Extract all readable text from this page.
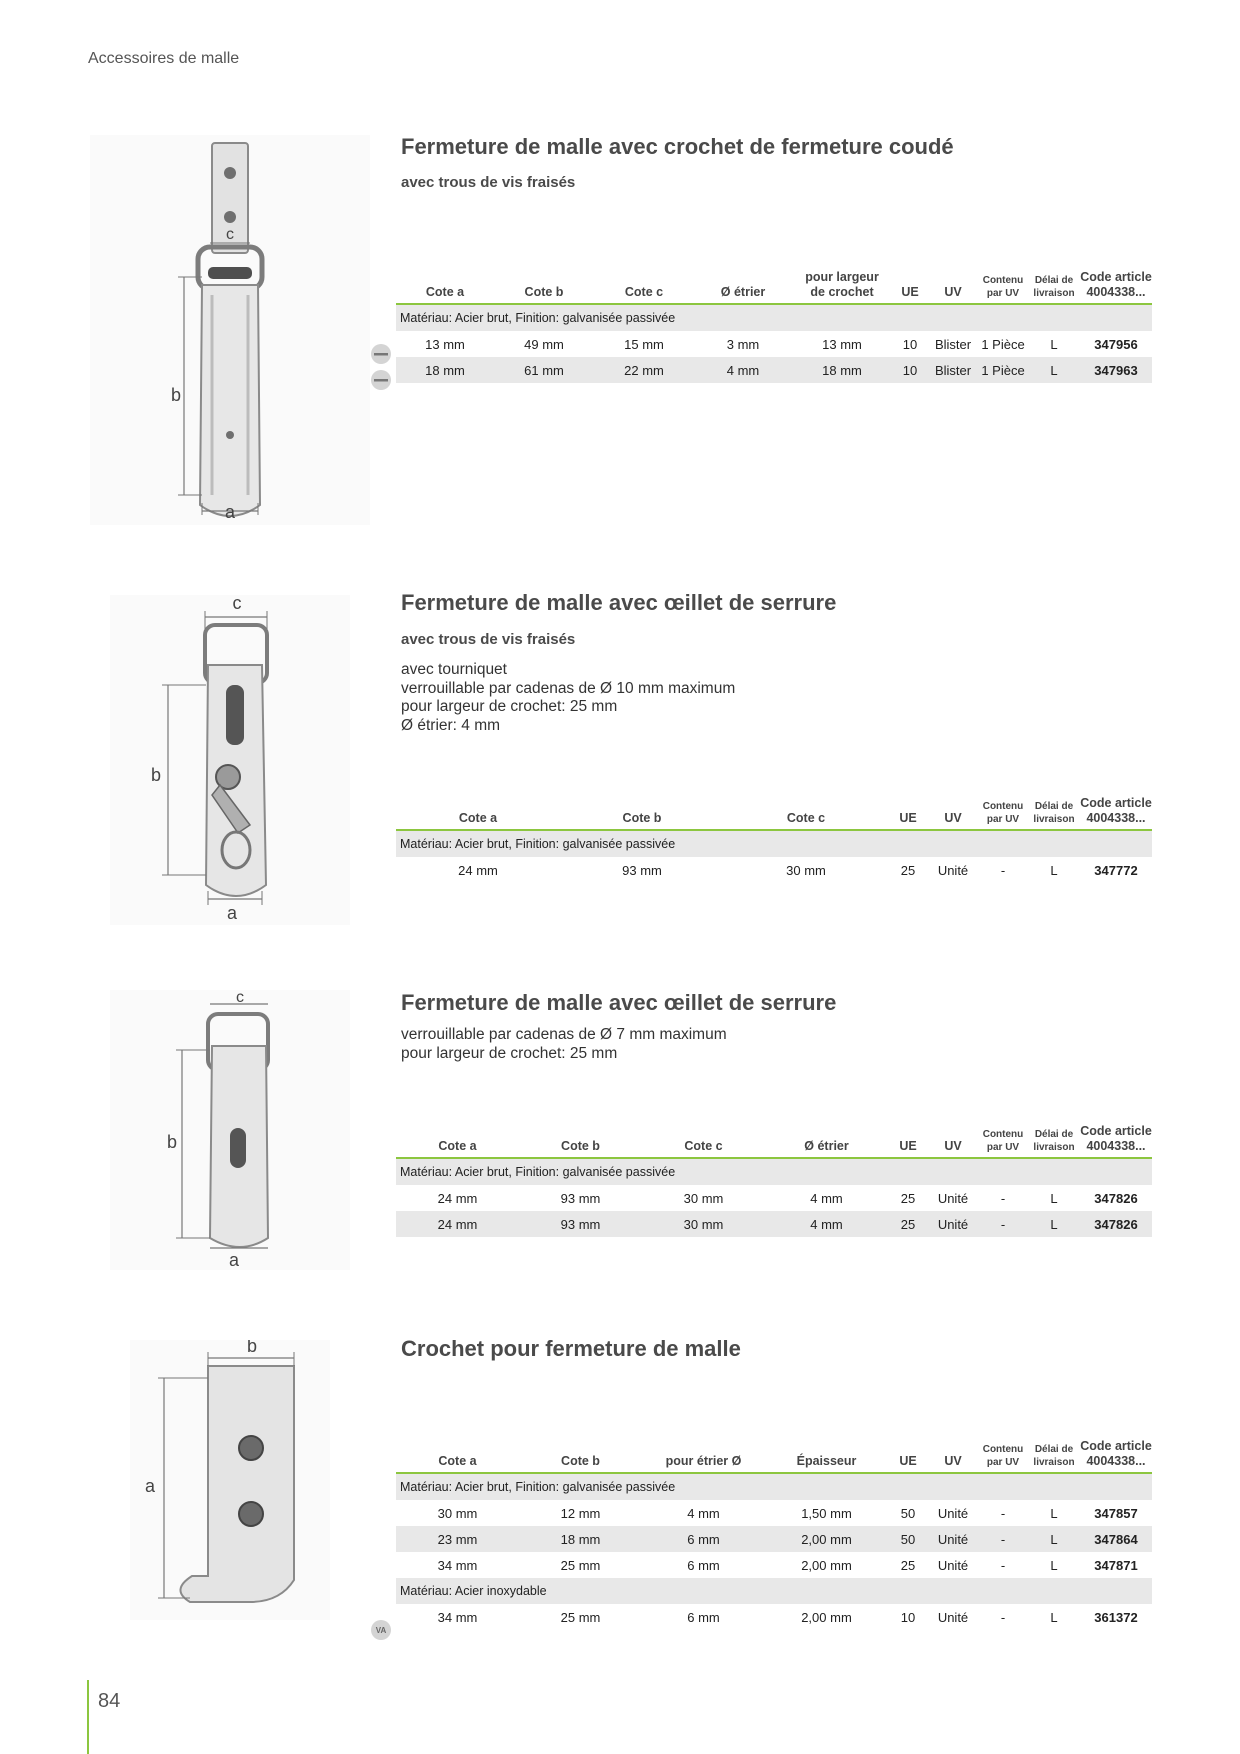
Accessoires de malle
c
b
a
Fermeture de malle avec crochet de fermeture coudé
avec trous de vis fraisés
Cote a	Cote b	Cote c	Ø étrier	pour largeur
de crochet	UE	UV	Contenu
par UV	Délai de
livraison	Code article
4004338...
Matériau: Acier brut, Finition: galvanisée passivée									
13 mm	49 mm	15 mm	3 mm	13 mm	10	Blister	1 Pièce	L	347956
18 mm	61 mm	22 mm	4 mm	18 mm	10	Blister	1 Pièce	L	347963
c
b
a
Fermeture de malle avec œillet de serrure
avec trous de vis fraisés
avec tourniquet
verrouillable par cadenas de Ø 10 mm maximum
pour largeur de crochet: 25 mm
Ø étrier: 4 mm
Cote a	Cote b	Cote c	UE	UV	Contenu
par UV	Délai de
livraison	Code article
4004338...
Matériau: Acier brut, Finition: galvanisée passivée							
24 mm	93 mm	30 mm	25	Unité	-	L	347772
c
b
a
Fermeture de malle avec œillet de serrure
verrouillable par cadenas de Ø 7 mm maximum
pour largeur de crochet: 25 mm
Cote a	Cote b	Cote c	Ø étrier	UE	UV	Contenu
par UV	Délai de
livraison	Code article
4004338...
Matériau: Acier brut, Finition: galvanisée passivée								
24 mm	93 mm	30 mm	4 mm	25	Unité	-	L	347826
24 mm	93 mm	30 mm	4 mm	25	Unité	-	L	347826
b
a
Crochet pour fermeture de malle
Cote a	Cote b	pour étrier Ø	Épaisseur	UE	UV	Contenu
par UV	Délai de
livraison	Code article
4004338...
Matériau: Acier brut, Finition: galvanisée passivée								
30 mm	12 mm	4 mm	1,50 mm	50	Unité	-	L	347857
23 mm	18 mm	6 mm	2,00 mm	50	Unité	-	L	347864
34 mm	25 mm	6 mm	2,00 mm	25	Unité	-	L	347871
Matériau: Acier inoxydable								
34 mm	25 mm	6 mm	2,00 mm	10	Unité	-	L	361372
VA
84
